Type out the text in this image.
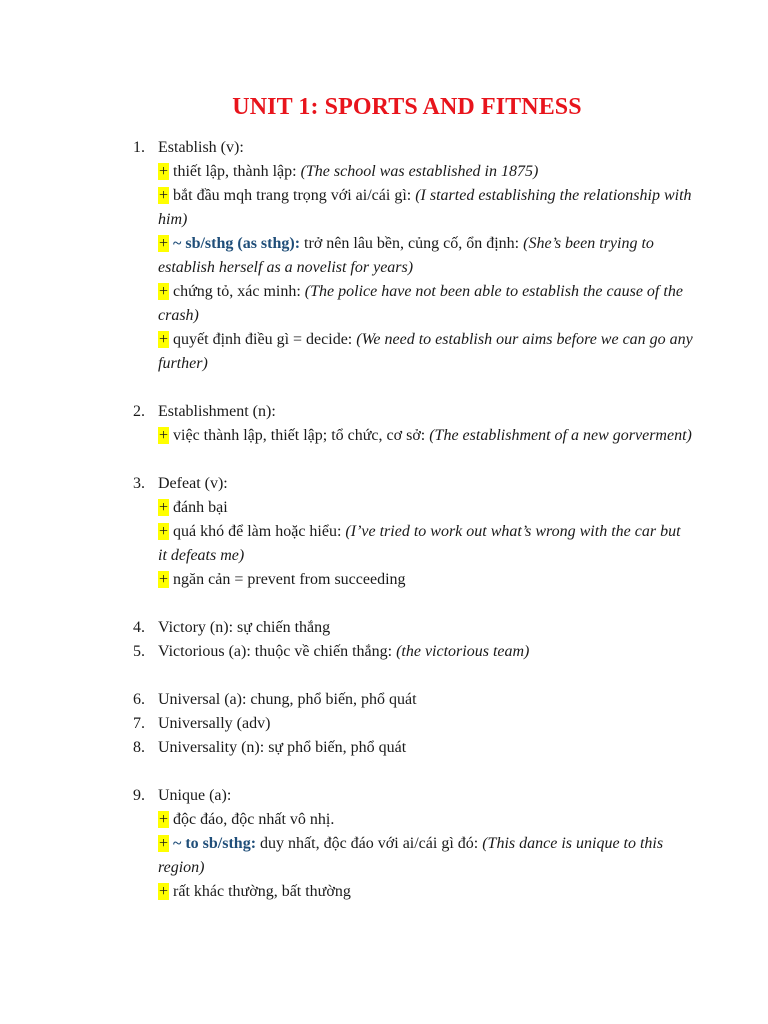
UNIT 1: SPORTS AND FITNESS
1. Establish (v):
+ thiết lập, thành lập: (The school was established in 1875)
+ bắt đầu mqh trang trọng với ai/cái gì: (I started establishing the relationship with him)
+ ~ sb/sthg (as sthg): trở nên lâu bền, củng cố, ổn định: (She’s been trying to establish herself as a novelist for years)
+ chứng tỏ, xác minh: (The police have not been able to establish the cause of the crash)
+ quyết định điều gì = decide: (We need to establish our aims before we can go any further)
2. Establishment (n):
+ việc thành lập, thiết lập; tổ chức, cơ sở: (The establishment of a new gorverment)
3. Defeat (v):
+ đánh bại
+ quá khó để làm hoặc hiểu: (I’ve tried to work out what’s wrong with the car but it defeats me)
+ ngăn cản = prevent from succeeding
4. Victory (n): sự chiến thắng
5. Victorious (a): thuộc về chiến thắng: (the victorious team)
6. Universal (a): chung, phổ biến, phổ quát
7. Universally (adv)
8. Universality (n): sự phổ biến, phổ quát
9. Unique (a):
+ độc đáo, độc nhất vô nhị.
+ ~ to sb/sthg: duy nhất, độc đáo với ai/cái gì đó: (This dance is unique to this region)
+ rất khác thường, bất thường
